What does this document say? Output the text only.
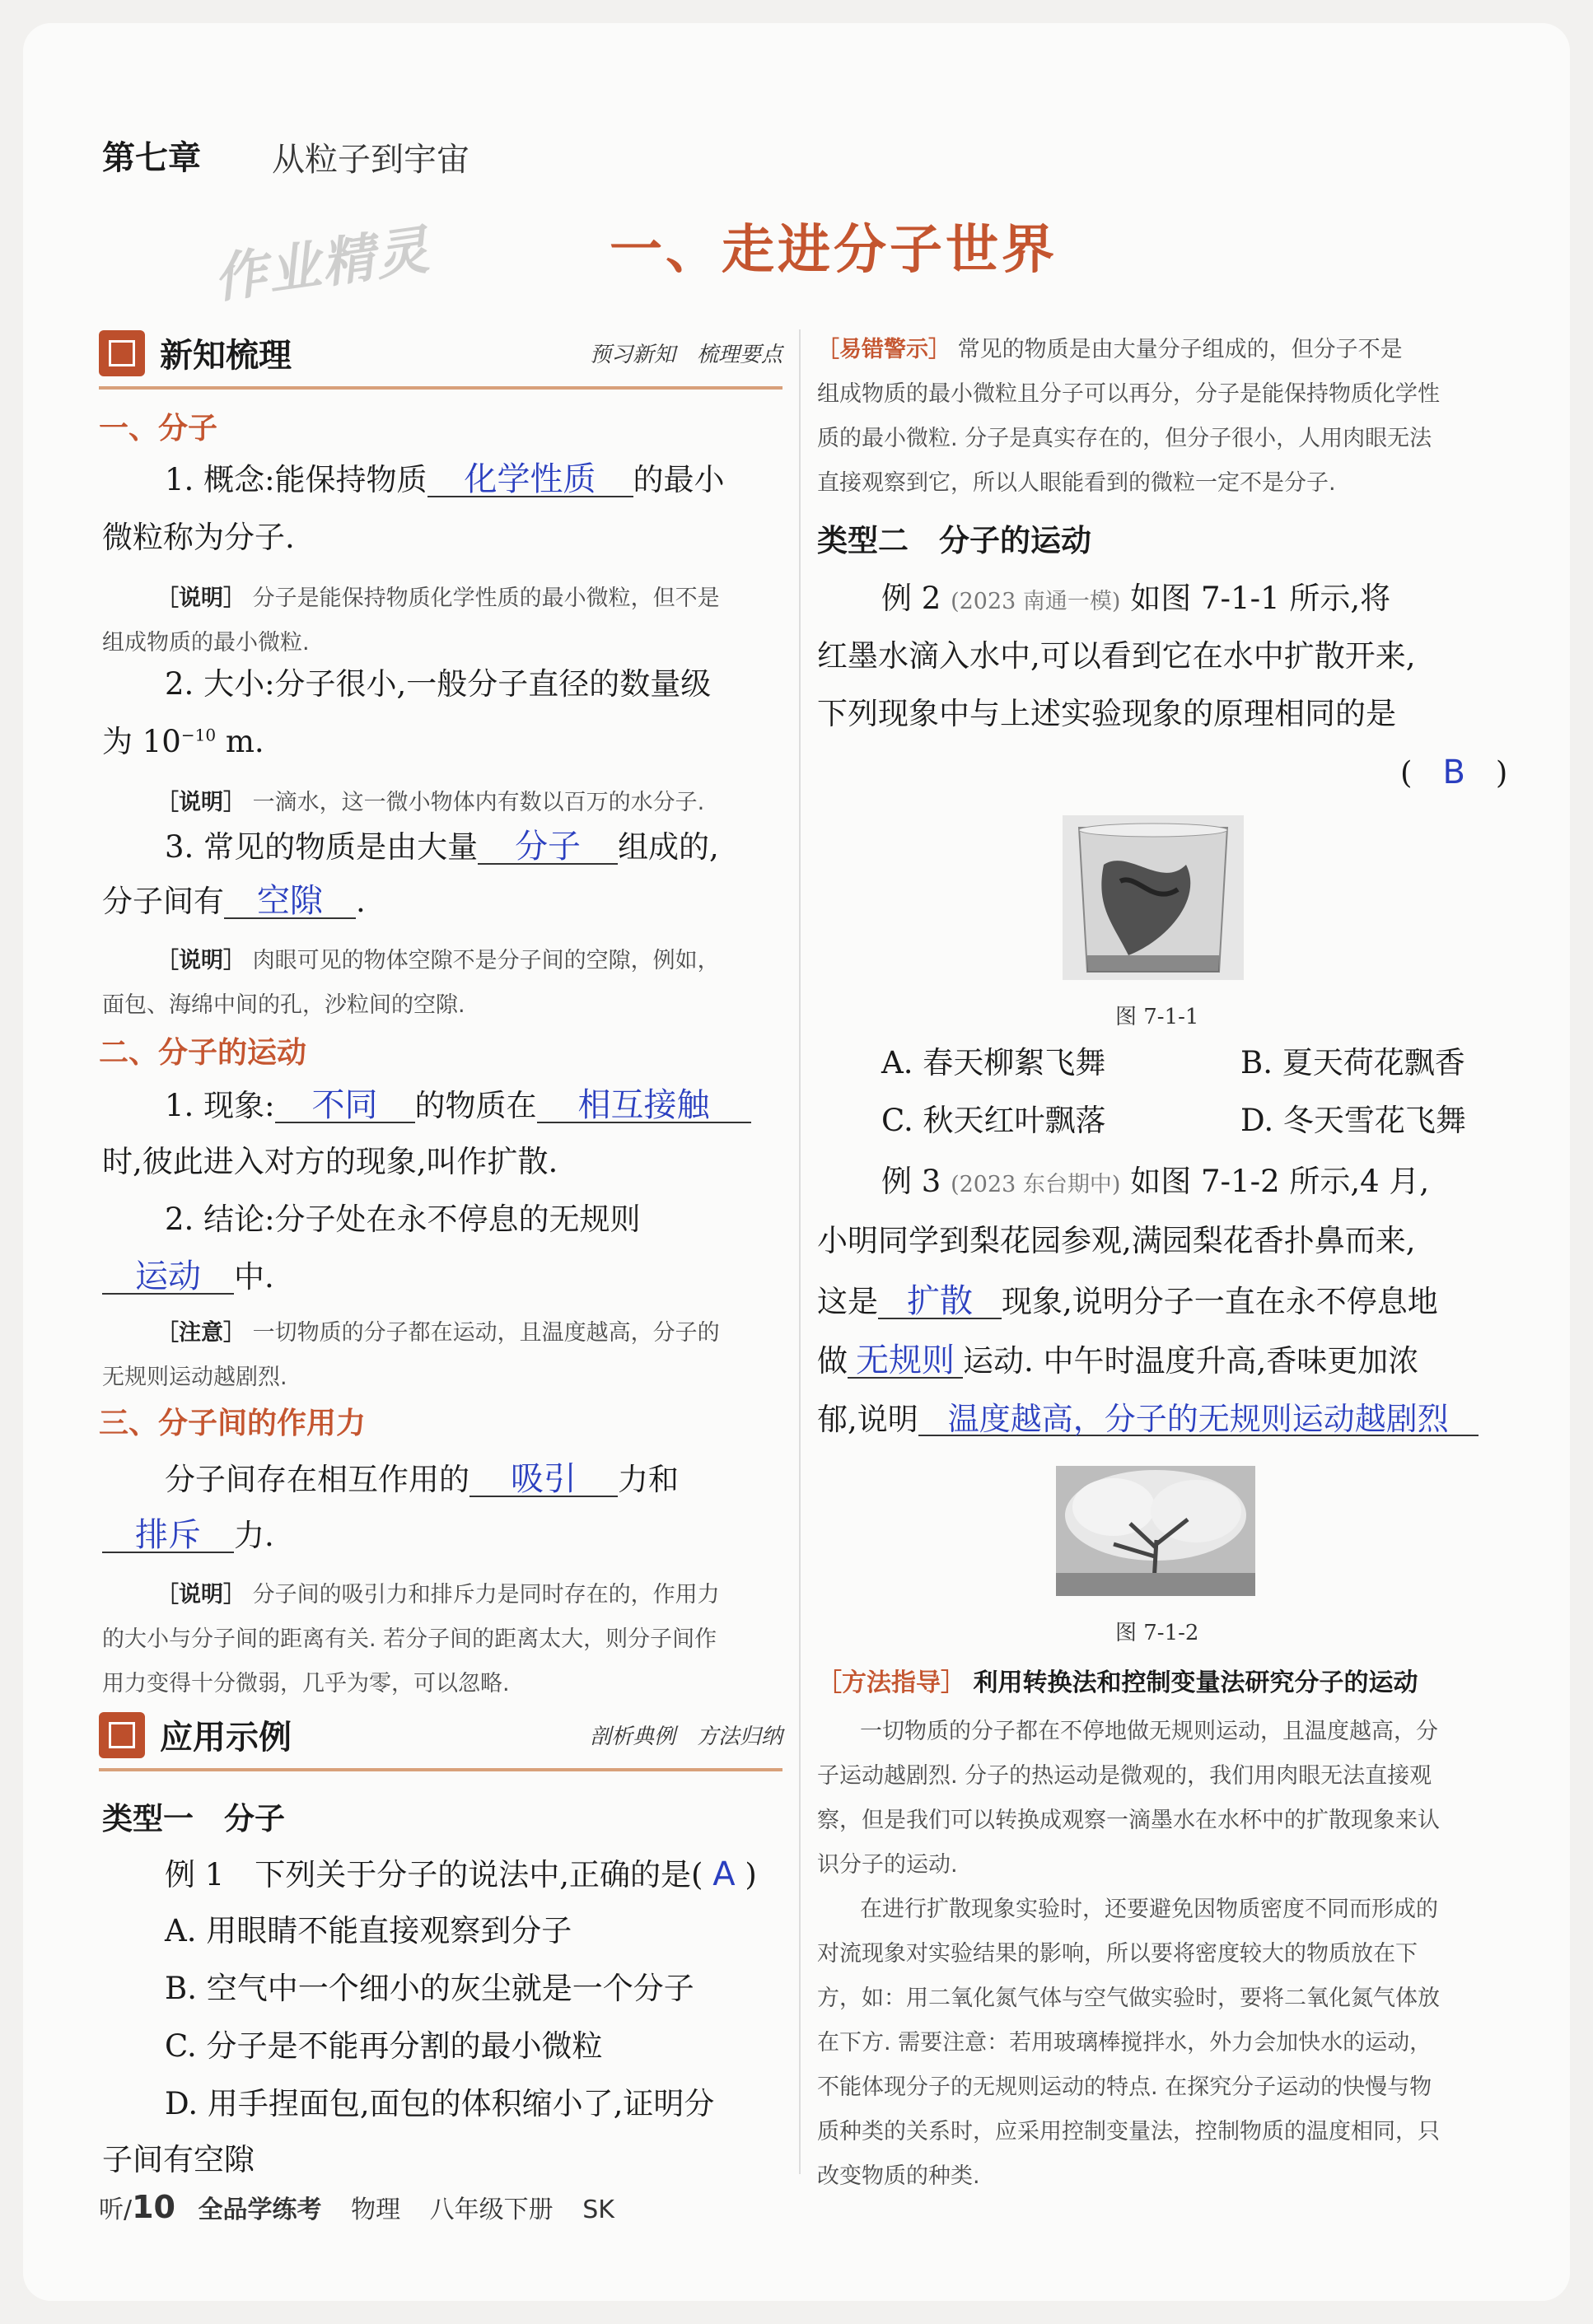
第七章 从粒子到宇宙
作业精灵	一、走进分子世界
新知梳理	预习新知　梳理要点
一、分子
1. 概念:能保持物质 化学性质 的最小
微粒称为分子.
［说明］ 分子是能保持物质化学性质的最小微粒，但不是
组成物质的最小微粒.
2. 大小:分子很小,一般分子直径的数量级
为 $10^{-10}$ m.
［说明］ 一滴水，这一微小物体内有数以百万的水分子.
3. 常见的物质是由大量 分子 组成的,
分子间有 空隙 .
［说明］ 肉眼可见的物体空隙不是分子间的空隙，例如，
面包、海绵中间的孔，沙粒间的空隙.
二、分子的运动
1. 现象: 不同 的物质在 相互接触
时,彼此进入对方的现象,叫作扩散.
2. 结论:分子处在永不停息的无规则
运动 中.
［注意］ 一切物质的分子都在运动，且温度越高，分子的
无规则运动越剧烈.
三、分子间的作用力
分子间存在相互作用的 吸引 力和
排斥 力.
［说明］ 分子间的吸引力和排斥力是同时存在的，作用力
的大小与分子间的距离有关. 若分子间的距离太大，则分子间作
用力变得十分微弱，几乎为零，可以忽略.
应用示例	剖析典例　方法归纳
类型一　分子
例 1　下列关于分子的说法中,正确的是( A )
A. 用眼睛不能直接观察到分子
B. 空气中一个细小的灰尘就是一个分子
C. 分子是不能再分割的最小微粒
D. 用手捏面包,面包的体积缩小了,证明分
子间有空隙
［易错警示］ 常见的物质是由大量分子组成的，但分子不是
组成物质的最小微粒且分子可以再分，分子是能保持物质化学性
质的最小微粒. 分子是真实存在的，但分子很小，人用肉眼无法
直接观察到它，所以人眼能看到的微粒一定不是分子.
类型二　分子的运动
例 2 (2023 南通一模) 如图 7-1-1 所示,将
红墨水滴入水中,可以看到它在水中扩散开来,
下列现象中与上述实验现象的原理相同的是
(　 B　 )
图 7-1-1
A. 春天柳絮飞舞	B. 夏天荷花飘香
C. 秋天红叶飘落	D. 冬天雪花飞舞
例 3 (2023 东台期中) 如图 7-1-2 所示,4 月,
小明同学到梨花园参观,满园梨花香扑鼻而来,
这是 扩散 现象,说明分子一直在永不停息地
做 无规则 运动. 中午时温度升高,香味更加浓
郁,说明 温度越高，分子的无规则运动越剧烈
图 7-1-2
［方法指导］ 利用转换法和控制变量法研究分子的运动
一切物质的分子都在不停地做无规则运动，且温度越高，分
子运动越剧烈. 分子的热运动是微观的，我们用肉眼无法直接观
察，但是我们可以转换成观察一滴墨水在水杯中的扩散现象来认
识分子的运动.
在进行扩散现象实验时，还要避免因物质密度不同而形成的
对流现象对实验结果的影响，所以要将密度较大的物质放在下
方，如：用二氧化氮气体与空气做实验时，要将二氧化氮气体放
在下方. 需要注意：若用玻璃棒搅拌水，外力会加快水的运动，
不能体现分子的无规则运动的特点. 在探究分子运动的快慢与物
质种类的关系时，应采用控制变量法，控制物质的温度相同，只
改变物质的种类.
听/10 全品学练考 物理 八年级下册 SK
